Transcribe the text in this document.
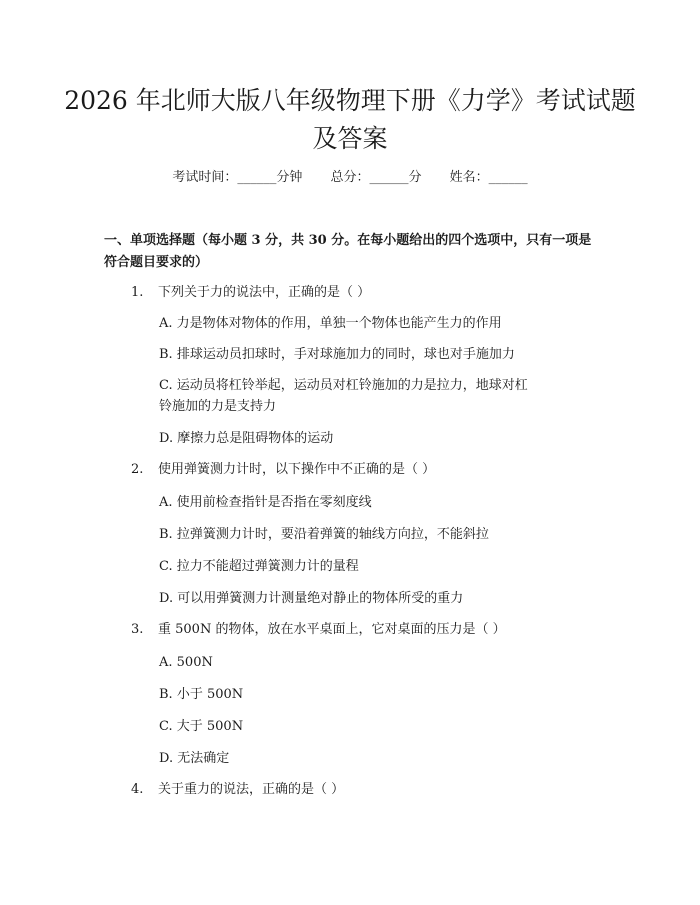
2026 年北师大版八年级物理下册《力学》考试试题及答案
考试时间：______分钟 总分：______分 姓名：______
一、单项选择题（每小题 3 分，共 30 分。在每小题给出的四个选项中，只有一项是符合题目要求的）
1. 下列关于力的说法中，正确的是（ ）
A. 力是物体对物体的作用，单独一个物体也能产生力的作用
B. 排球运动员扣球时，手对球施加力的同时，球也对手施加力
C. 运动员将杠铃举起，运动员对杠铃施加的力是拉力，地球对杠铃施加的力是支持力
D. 摩擦力总是阻碍物体的运动
2. 使用弹簧测力计时，以下操作中不正确的是（ ）
A. 使用前检查指针是否指在零刻度线
B. 拉弹簧测力计时，要沿着弹簧的轴线方向拉，不能斜拉
C. 拉力不能超过弹簧测力计的量程
D. 可以用弹簧测力计测量绝对静止的物体所受的重力
3. 重 500N 的物体，放在水平桌面上，它对桌面的压力是（ ）
A. 500N
B. 小于 500N
C. 大于 500N
D. 无法确定
4. 关于重力的说法，正确的是（ ）
